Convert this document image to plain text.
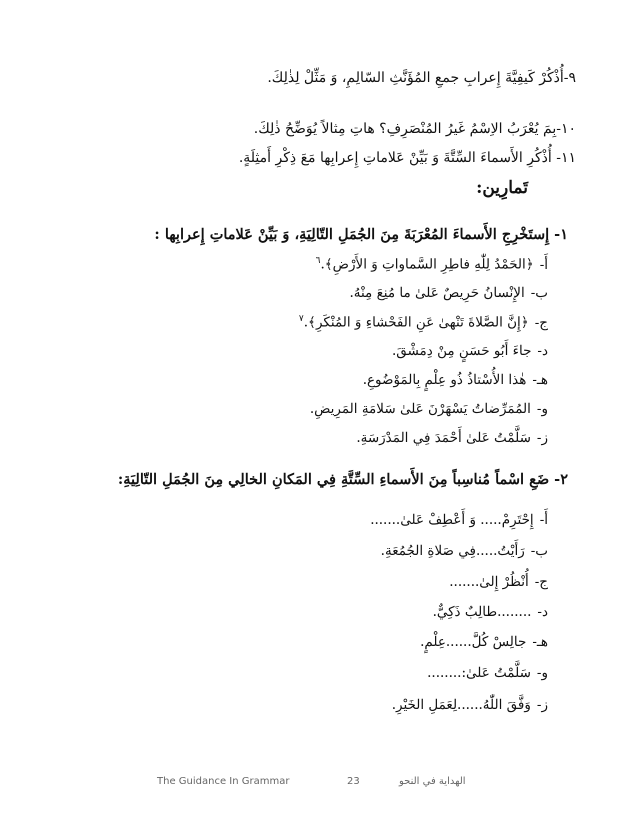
٩-أُذْكُرْ كَيفِيَّةَ إِعرابِ جمعِ المُؤَنَّثِ السّالِمِ، وَ مَثِّلْ لِذٰلِكَ.
١٠-بِمَ يُعْرَبُ الاِسْمُ غَيرُ المُنْصَرِفِ؟ هاتِ مِثالاً يُوَضِّحُ ذٰلِكَ.
١١- أُذْكُرِ الأَسماءَ السِّتَّةَ وَ بَيِّنْ عَلاماتِ إِعرابِها مَعَ ذِكْرِ أَمثِلَةٍ.
تَمارِين:
١- إِستَخْرِجِ الأَسماءَ المُعْرَبَةَ مِنَ الجُمَلِ التّالِيَةِ، وَ بَيِّنْ عَلاماتِ إِعرابِها :
أَ-﴿الحَمْدُ لِلّٰهِ فاطِرِ السَّماواتِ وَ الأَرْضِ﴾.$^٦$
ب-الإِنْسانُ حَرِيصٌ عَلىٰ ما مُنِعَ مِنْهُ.
ج-﴿إِنَّ الصَّلاةَ تَنْهىٰ عَنِ الفَحْشاءِ وَ المُنْكَرِ﴾.$^٧$
د-جاءَ أَبُو حَسَنٍ مِنْ دِمَشْقَ.
هـ-هٰذا الأُسْتاذُ ذُو عِلْمٍ بِالمَوْضُوعِ.
و-المُمَرِّضاتُ يَسْهَرْنَ عَلىٰ سَلامَةِ المَرِيضِ.
ز-سَلَّمْتُ عَلىٰ أَحْمَدَ فِي المَدْرَسَةِ.
٢- ضَعِ اسْماً مُناسِباً مِنَ الأَسماءِ السِّتَّةِ فِي المَكانِ الخالِي مِنَ الجُمَلِ التّالِيَةِ:
أَ-إِحْتَرِمْ..... وَ أَعْطِفْ عَلىٰ.......
ب-رَأَيْتُ.....فِي صَلاةِ الجُمُعَةِ.
ج-أُنْظُرْ إِلىٰ.......
د-........طالِبٌ ذَكِيٌّ.
هـ-جالِسْ كُلَّ......عِلْمٍ.
و-سَلَّمْتُ عَلىٰ:........
ز-وَفَّقَ اللّٰهُ......لِعَمَلِ الخَيْرِ.
The Guidance In Grammar	23	الهداية في النحو
